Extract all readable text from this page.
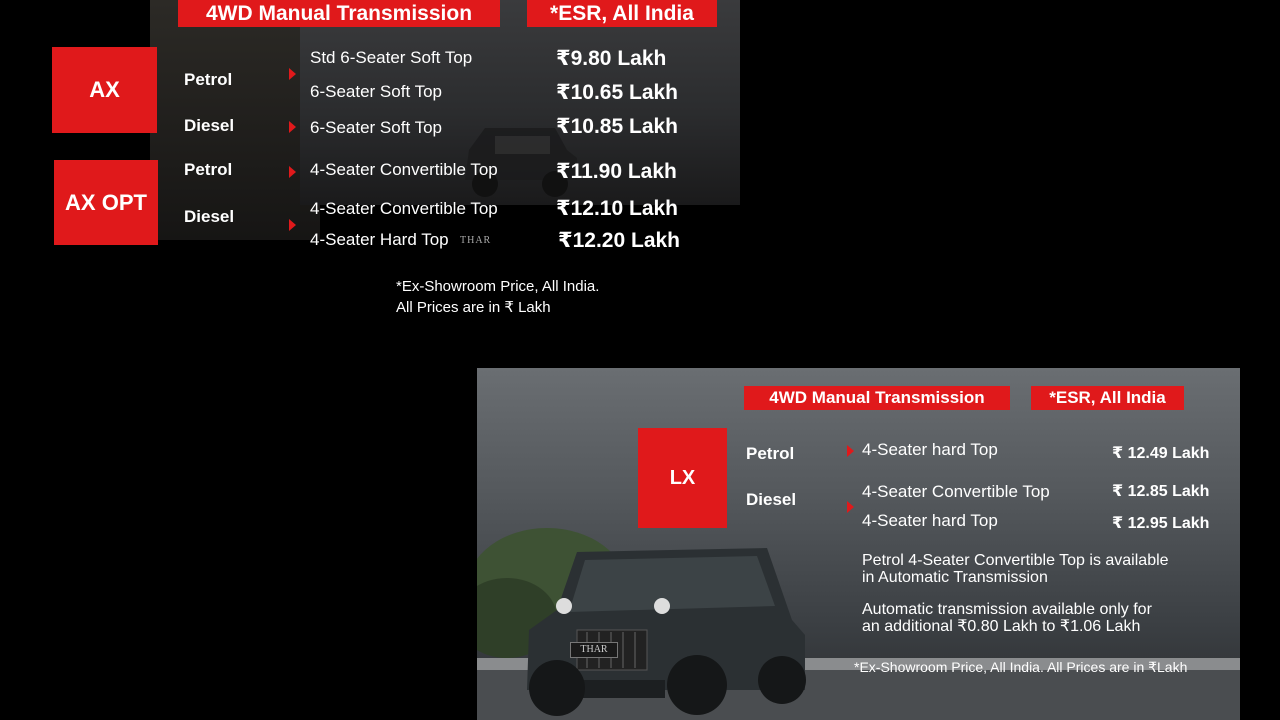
4WD Manual Transmission	*ESR, All India
AX
AX OPT
Petrol
Diesel
Petrol
Diesel
Std 6-Seater Soft Top
6-Seater Soft Top
6-Seater Soft Top
4-Seater Convertible Top
4-Seater Convertible Top
4-Seater Hard Top THAR
₹9.80 Lakh
₹10.65 Lakh
₹10.85 Lakh
₹11.90 Lakh
₹12.10 Lakh
₹12.20 Lakh
*Ex-Showroom Price, All India.
All Prices are in ₹ Lakh
THAR
4WD Manual Transmission	*ESR, All India
LX
Petrol
Diesel
4-Seater hard Top
4-Seater Convertible Top
4-Seater hard Top
₹ 12.49 Lakh
₹ 12.85 Lakh
₹ 12.95 Lakh
Petrol 4-Seater Convertible Top is available
in Automatic Transmission
Automatic transmission available only for
an additional ₹0.80 Lakh to ₹1.06 Lakh
*Ex-Showroom Price, All India. All Prices are in ₹Lakh
